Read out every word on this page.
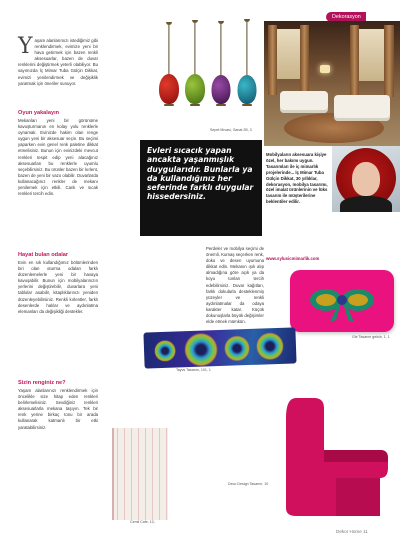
Y aşam alanlarımızı istediğimiz gibi renklendirmek, evimize yeni bir hava getirmek için bazen renkli aksesuarlar, bazen de duvar renklerini değiştirmek yeterli olabiliyor. Bu sayımızda İç Mimar Tuba Gülçin Dikkat, evimizi yenilendirmek ve değişiklik yaratmak için öneriler sunuyor.

Oyun yakalayın

Mekanları yeni bir görünüme kavuşturmanın en kolay yolu renklerle oynamak. Evinizde hakim olan renge uygun yeni bir aksesuar seçin. Bu seçimi yaparken evin genel renk paletine dikkat etmelisiniz. Bunun için evinizdeki mevcut renkleri tespit edip yeni alacağınız aksesuarları bu renklerle uyumlu seçebilirsiniz. Bu ürünler bazen bir kırlent, bazen de yeni bir vazo olabilir. Duvarlarda kullanacağınız renkler de mekanı yenilemek için etkili. Canlı ve sıcak renkleri tercih edin.

Hayat bulan odalar

Evin en sık kullandığımız bölümlerinden biri olan oturma odaları farklı düzenlemelerle yeni bir havaya kavuşabilir. Bunun için mobilyalarınızın yerlerini değiştirebilir, duvarlara yeni tablolar asabilir, kitaplıklarınızı yeniden düzenleyebilirsiniz. Renkli kırlentler, farklı desenlerde halılar ve aydınlatma elemanları da değişikliği destekler.

Sizin renginiz ne?

Yaşam alanlarınızı renklendirmek için öncelikle size hitap eden renkleri belirlemelisiniz. Sevdiğiniz renkleri aksesuarlarla mekana taşıyın. Tek bir renk yerine birkaç tonu bir arada kullanarak katmanlı bir etki yaratabilirsiniz.

Sepet Mıvası, Sanat 2B, 3
Dekorasyon
Evleri sıcacık yapan ancakta yaşanmışlık duygularıdır. Bunlarla ya da kullandığınız her seferinde farklı duygular hissedersiniz.

Mobilyaların aksesuara kişiye özel, her bakımı uygun. Tasarımları ile iç mimarlık projelerinde... İç Mimar Tuba Gülçin Dikkat, 30 yıllıklar, dekorasyon, mobilya tasarımı, özel imalat ürünlerinin ve lüks tasarım ile müşterilerine beklentiler edilir.

www.sylusicmimarlik.com

Perdeler ve mobilya seçimi de önemli. Kumaş seçerken renk, doku ve desen uyumuna dikkat edin. Mekanın ışık alıp almadığına göre açık ya da koyu tonları tercih edebilirsiniz. Duvar kağıtları, farklı dokularla desteklenmiş yüzeyler ve renkli aydınlatmalar da odaya karakter katar. Küçük dokunuşlarla büyük değişimler elde etmek mümkün.

Gle Tasarım gelsin, 1, 1
Tayvs Tasarım, 101, 1
Cemil Cafe, 10,
Deco Design Tasarım, 10
Dekor Home 11
